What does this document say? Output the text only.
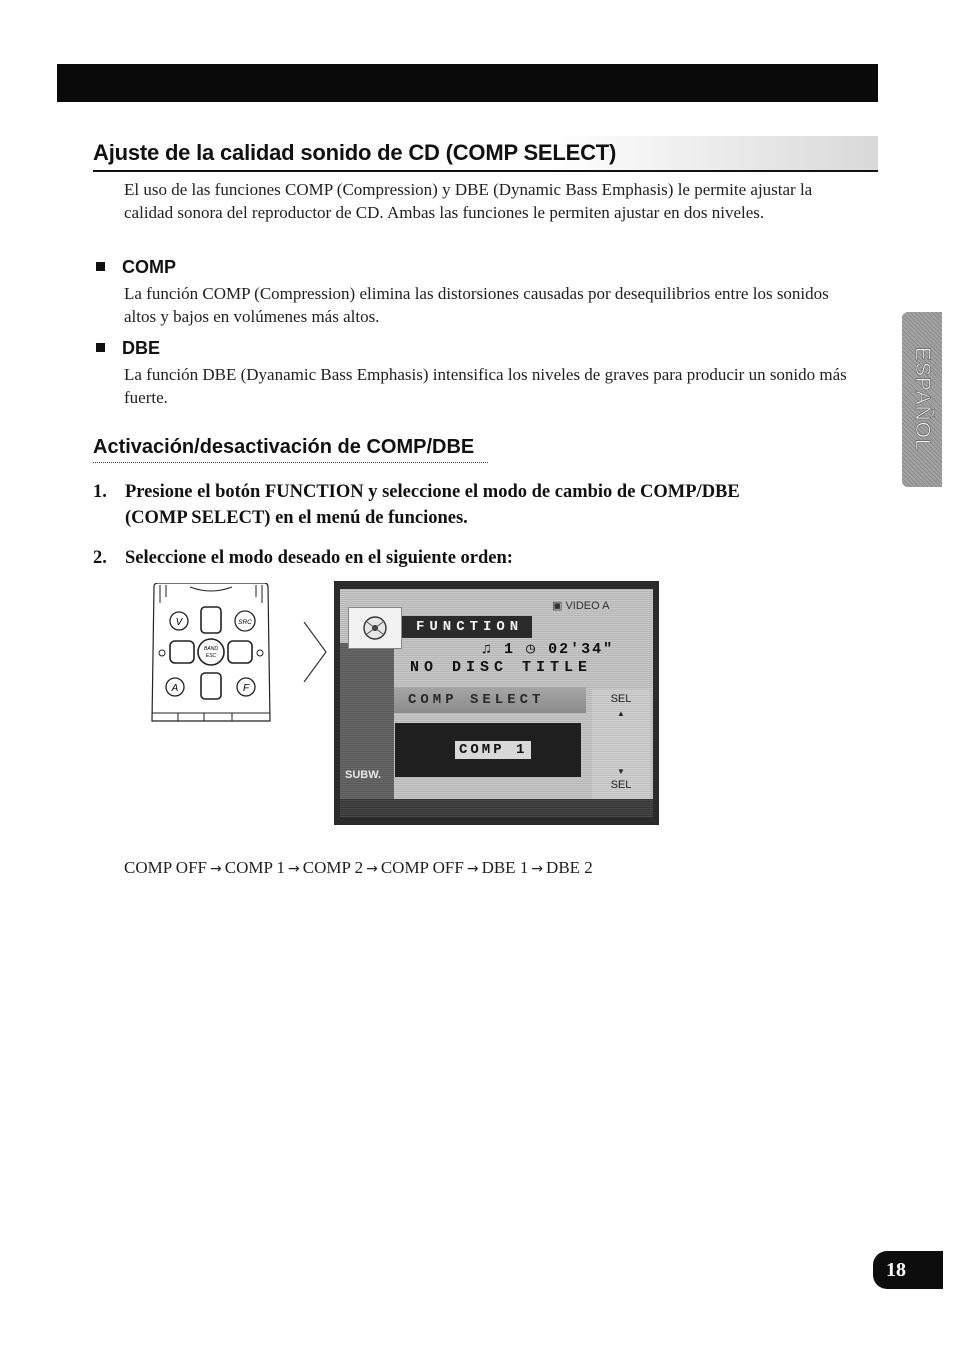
Ajuste de la calidad sonido de CD (COMP SELECT)
El uso de las funciones COMP (Compression) y DBE (Dynamic Bass Emphasis) le permite ajustar la calidad sonora del reproductor de CD. Ambas las funciones le permiten ajustar en dos niveles.
COMP
La función COMP (Compression) elimina las distorsiones causadas por desequilibrios entre los sonidos altos y bajos en volúmenes más altos.
DBE
La función DBE (Dyanamic Bass Emphasis) intensifica los niveles de graves para producir un sonido más fuerte.
Activación/desactivación de COMP/DBE
1. Presione el botón FUNCTION y seleccione el modo de cambio de COMP/DBE (COMP SELECT) en el menú de funciones.
2. Seleccione el modo deseado en el siguiente orden:
BAND
ESC
V	SRC
A	F
▣ VIDEO A
FUNCTION
♫ 1 ◷ 02'34"
NO DISC TITLE
COMP SELECT	SEL
▲
▼
SEL
COMP 1
SUBW.
COMP OFF → COMP 1 → COMP 2 → COMP OFF → DBE 1 → DBE 2
ESPAÑOL
18
